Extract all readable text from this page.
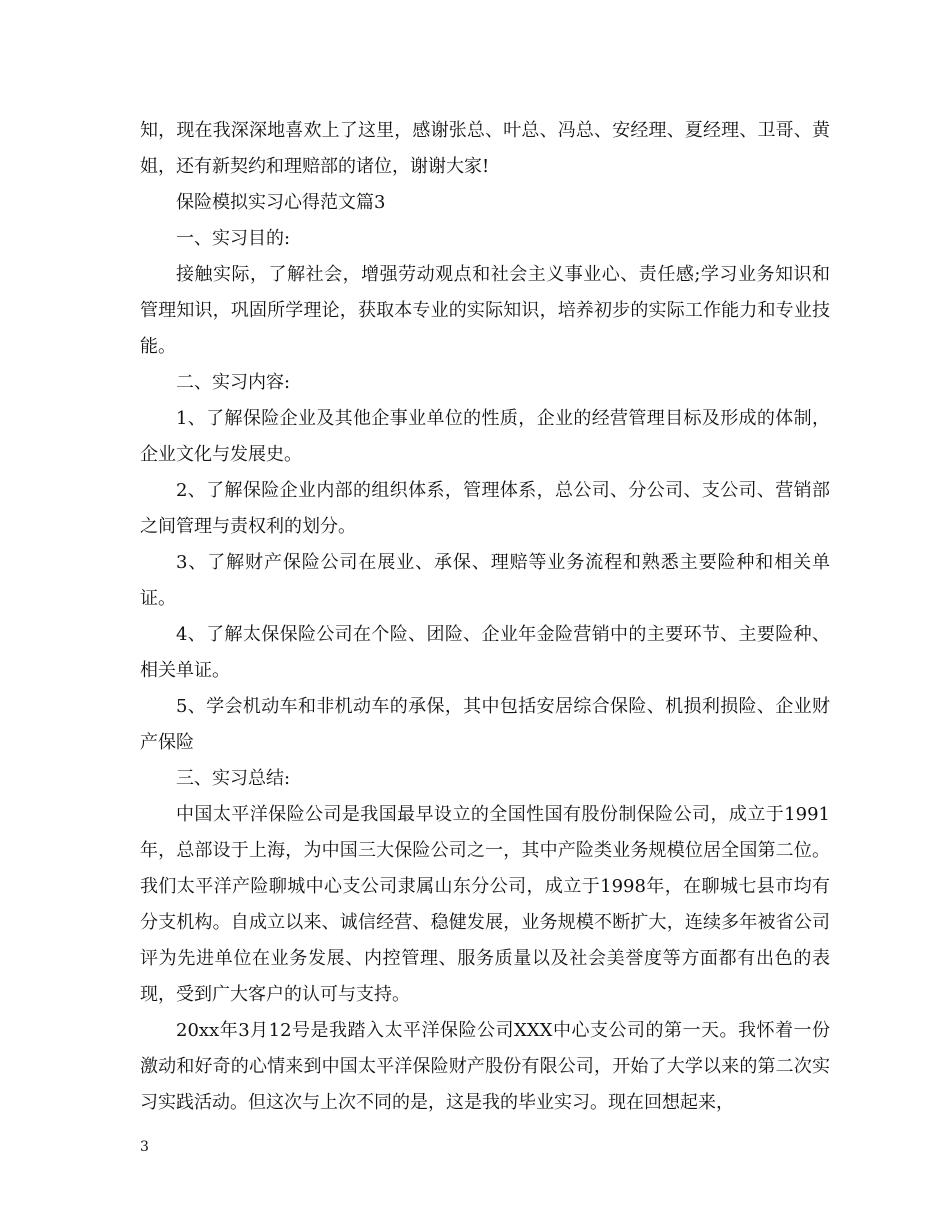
知，现在我深深地喜欢上了这里，感谢张总、叶总、冯总、安经理、夏经理、卫哥、黄姐，还有新契约和理赔部的诸位，谢谢大家!

保险模拟实习心得范文篇3

一、实习目的:

接触实际，了解社会，增强劳动观点和社会主义事业心、责任感;学习业务知识和管理知识，巩固所学理论，获取本专业的实际知识，培养初步的实际工作能力和专业技能。

二、实习内容:

1、了解保险企业及其他企事业单位的性质，企业的经营管理目标及形成的体制，企业文化与发展史。

2、了解保险企业内部的组织体系，管理体系，总公司、分公司、支公司、营销部之间管理与责权利的划分。

3、了解财产保险公司在展业、承保、理赔等业务流程和熟悉主要险种和相关单证。

4、了解太保保险公司在个险、团险、企业年金险营销中的主要环节、主要险种、相关单证。

5、学会机动车和非机动车的承保，其中包括安居综合保险、机损利损险、企业财产保险

三、实习总结:

中国太平洋保险公司是我国最早设立的全国性国有股份制保险公司，成立于1991年，总部设于上海，为中国三大保险公司之一，其中产险类业务规模位居全国第二位。我们太平洋产险聊城中心支公司隶属山东分公司，成立于1998年，在聊城七县市均有分支机构。自成立以来、诚信经营、稳健发展，业务规模不断扩大，连续多年被省公司评为先进单位在业务发展、内控管理、服务质量以及社会美誉度等方面都有出色的表现，受到广大客户的认可与支持。

20xx年3月12号是我踏入太平洋保险公司XXX中心支公司的第一天。我怀着一份激动和好奇的心情来到中国太平洋保险财产股份有限公司，开始了大学以来的第二次实习实践活动。但这次与上次不同的是，这是我的毕业实习。现在回想起来，

3
